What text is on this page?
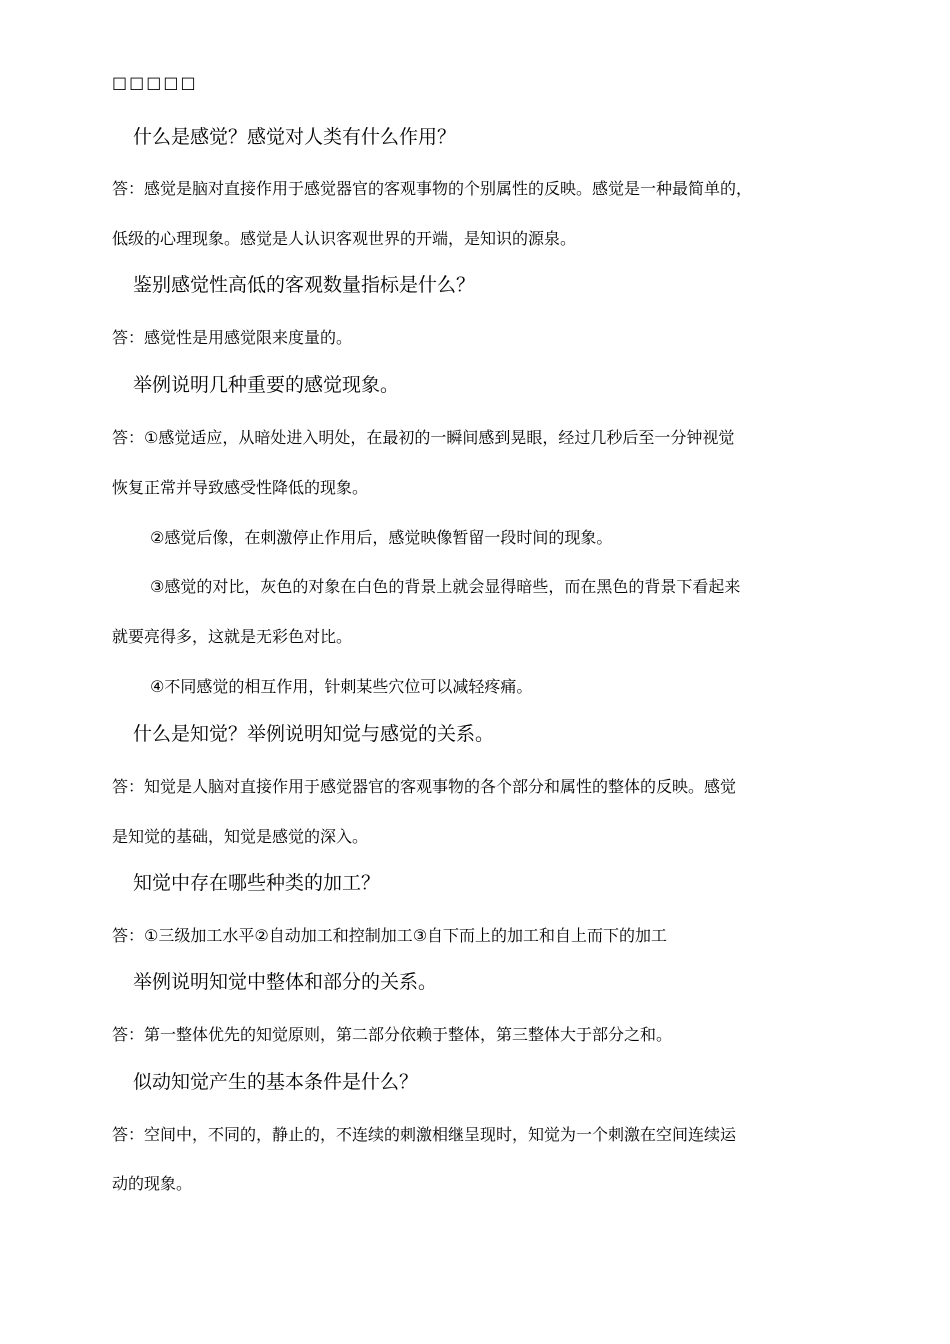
□□□□□
什么是感觉？感觉对人类有什么作用？
答：感觉是脑对直接作用于感觉器官的客观事物的个别属性的反映。感觉是一种最简单的，
低级的心理现象。感觉是人认识客观世界的开端，是知识的源泉。
鉴别感觉性高低的客观数量指标是什么？
答：感觉性是用感觉限来度量的。
举例说明几种重要的感觉现象。
答：①感觉适应，从暗处进入明处，在最初的一瞬间感到晃眼，经过几秒后至一分钟视觉
恢复正常并导致感受性降低的现象。
②感觉后像，在刺激停止作用后，感觉映像暂留一段时间的现象。
③感觉的对比，灰色的对象在白色的背景上就会显得暗些，而在黑色的背景下看起来
就要亮得多，这就是无彩色对比。
④不同感觉的相互作用，针刺某些穴位可以减轻疼痛。
什么是知觉？举例说明知觉与感觉的关系。
答：知觉是人脑对直接作用于感觉器官的客观事物的各个部分和属性的整体的反映。感觉
是知觉的基础，知觉是感觉的深入。
知觉中存在哪些种类的加工？
答：①三级加工水平②自动加工和控制加工③自下而上的加工和自上而下的加工
举例说明知觉中整体和部分的关系。
答：第一整体优先的知觉原则，第二部分依赖于整体，第三整体大于部分之和。
似动知觉产生的基本条件是什么？
答：空间中，不同的，静止的，不连续的刺激相继呈现时，知觉为一个刺激在空间连续运
动的现象。
